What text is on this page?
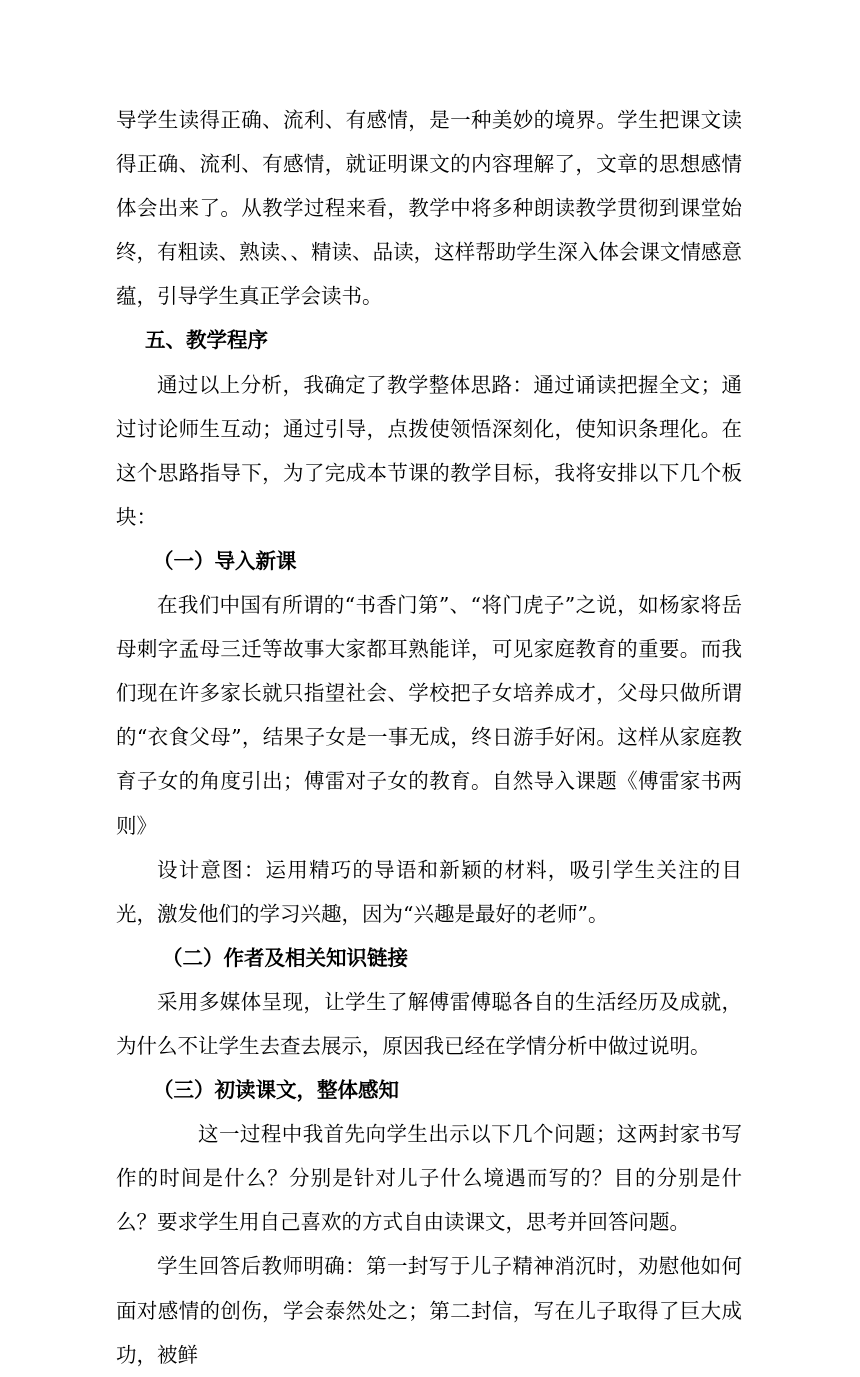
导学生读得正确、流利、有感情，是一种美妙的境界。学生把课文读得正确、流利、有感情，就证明课文的内容理解了，文章的思想感情体会出来了。从教学过程来看，教学中将多种朗读教学贯彻到课堂始终，有粗读、熟读、、精读、品读，这样帮助学生深入体会课文情感意蕴，引导学生真正学会读书。

五、教学程序

通过以上分析，我确定了教学整体思路：通过诵读把握全文；通过讨论师生互动；通过引导，点拨使领悟深刻化，使知识条理化。在这个思路指导下，为了完成本节课的教学目标，我将安排以下几个板块：

（一）导入新课

在我们中国有所谓的“书香门第”、“将门虎子”之说，如杨家将岳母刺字孟母三迁等故事大家都耳熟能详，可见家庭教育的重要。而我们现在许多家长就只指望社会、学校把子女培养成才，父母只做所谓的“衣食父母”，结果子女是一事无成，终日游手好闲。这样从家庭教育子女的角度引出；傅雷对子女的教育。自然导入课题《傅雷家书两则》

设计意图：运用精巧的导语和新颖的材料，吸引学生关注的目光，激发他们的学习兴趣，因为“兴趣是最好的老师”。

（二）作者及相关知识链接

采用多媒体呈现，让学生了解傅雷傅聪各自的生活经历及成就，为什么不让学生去查去展示，原因我已经在学情分析中做过说明。

（三）初读课文，整体感知

这一过程中我首先向学生出示以下几个问题；这两封家书写作的时间是什么？分别是针对儿子什么境遇而写的？目的分别是什么？要求学生用自己喜欢的方式自由读课文，思考并回答问题。

学生回答后教师明确：第一封写于儿子精神消沉时，劝慰他如何面对感情的创伤，学会泰然处之；第二封信，写在儿子取得了巨大成功，被鲜
